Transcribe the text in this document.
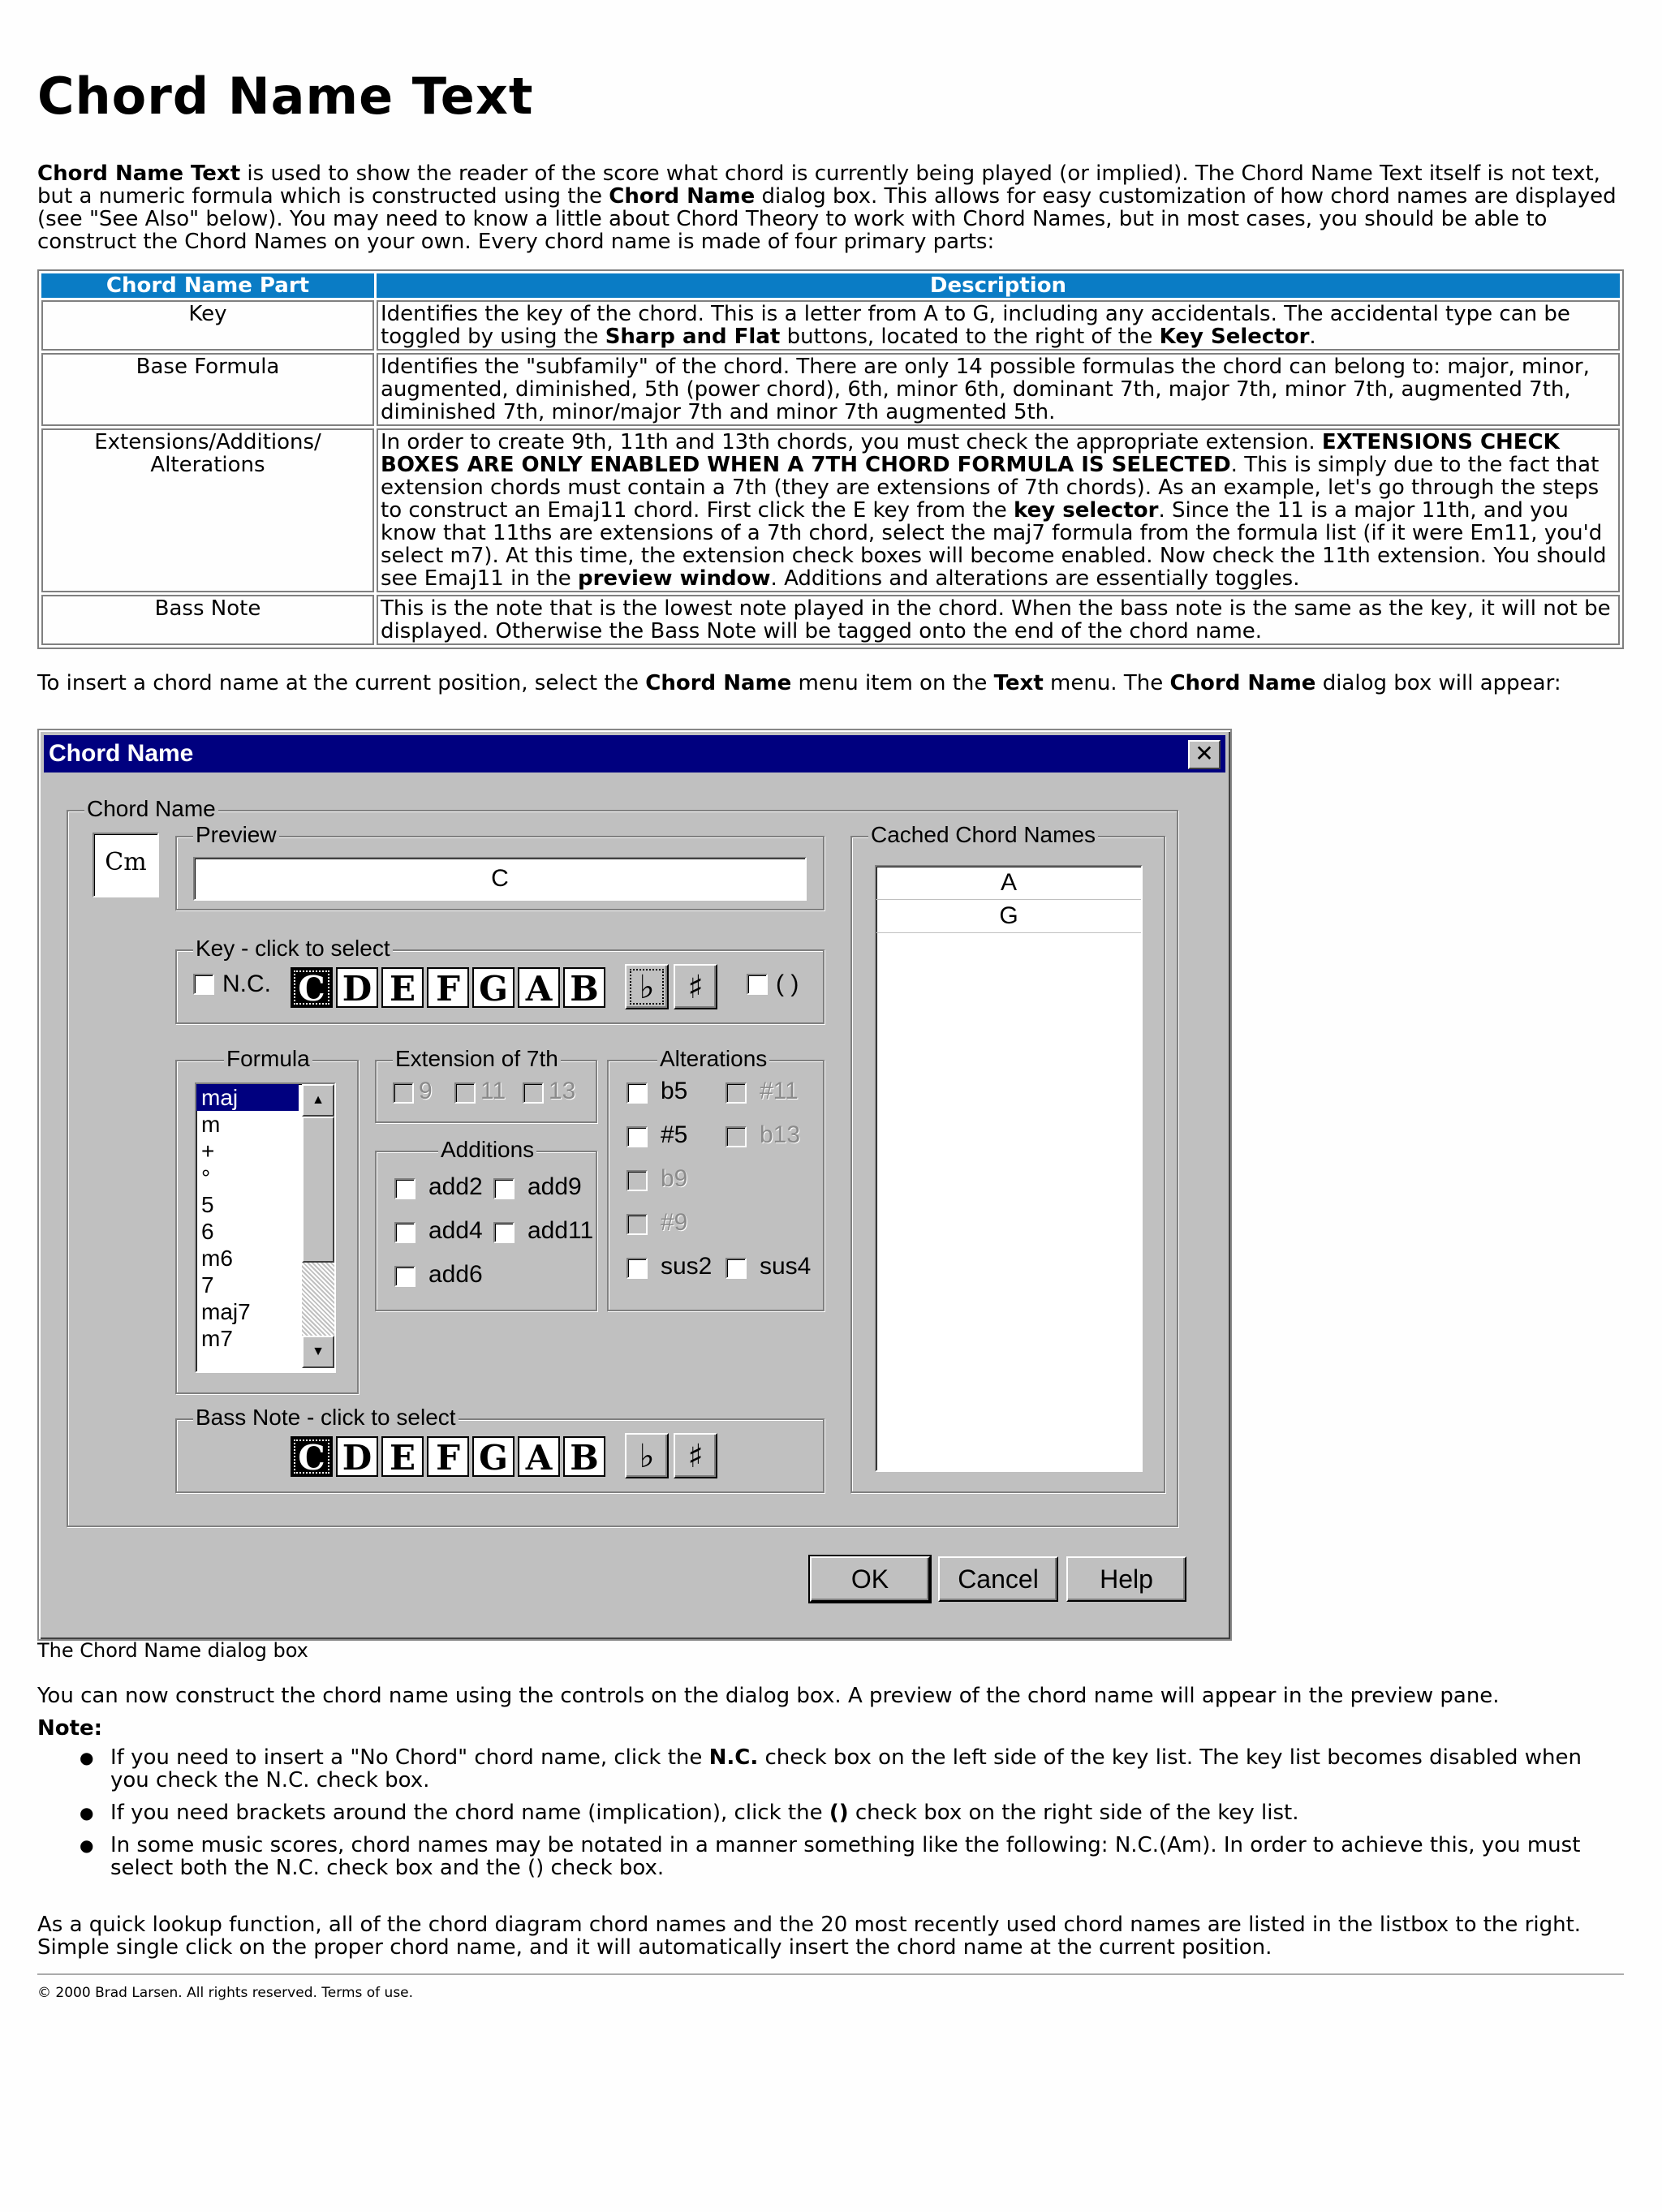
Chord Name Text
Chord Name Text is used to show the reader of the score what chord is currently being played (or implied). The Chord Name Text itself is not text, but a numeric formula which is constructed using the Chord Name dialog box. This allows for easy customization of how chord names are displayed (see "See Also" below). You may need to know a little about Chord Theory to work with Chord Names, but in most cases, you should be able to construct the Chord Names on your own. Every chord name is made of four primary parts:
Chord Name Part	Description
Key	Identifies the key of the chord. This is a letter from A to G, including any accidentals. The accidental type can be toggled by using the Sharp and Flat buttons, located to the right of the Key Selector.
Base Formula	Identifies the "subfamily" of the chord. There are only 14 possible formulas the chord can belong to: major, minor, augmented, diminished, 5th (power chord), 6th, minor 6th, dominant 7th, major 7th, minor 7th, augmented 7th, diminished 7th, minor/major 7th and minor 7th augmented 5th.
Extensions/Additions/ Alterations	In order to create 9th, 11th and 13th chords, you must check the appropriate extension. EXTENSIONS CHECK BOXES ARE ONLY ENABLED WHEN A 7TH CHORD FORMULA IS SELECTED. This is simply due to the fact that extension chords must contain a 7th (they are extensions of 7th chords). As an example, let's go through the steps to construct an Emaj11 chord. First click the E key from the key selector. Since the 11 is a major 11th, and you know that 11ths are extensions of a 7th chord, select the maj7 formula from the formula list (if it were Em11, you'd select m7). At this time, the extension check boxes will become enabled. Now check the 11th extension. You should see Emaj11 in the preview window. Additions and alterations are essentially toggles.
Bass Note	This is the note that is the lowest note played in the chord. When the bass note is the same as the key, it will not be displayed. Otherwise the Bass Note will be tagged onto the end of the chord name.
To insert a chord name at the current position, select the Chord Name menu item on the Text menu. The Chord Name dialog box will appear:
Chord Name	✕
Chord Name
Cm
Preview
C
Key - click to select
N.C. C D E F G A B	♭	♯	( )
Formula
maj
m
+
°
5
6
m6
7
maj7
m7
▲
▼
Extension of 7th
9 11 13
Additions
add2 add9
add4 add11
add6
Alterations
b5	#11
#5	b13
b9
#9
sus2 sus4
Bass Note - click to select
C D E F G A B	♭	♯
Cached Chord Names
A
G
OK	Cancel	Help
The Chord Name dialog box
You can now construct the chord name using the controls on the dialog box. A preview of the chord name will appear in the preview pane.
Note:
● If you need to insert a "No Chord" chord name, click the N.C. check box on the left side of the key list. The key list becomes disabled when you check the N.C. check box.
● If you need brackets around the chord name (implication), click the () check box on the right side of the key list.
● In some music scores, chord names may be notated in a manner something like the following: N.C.(Am). In order to achieve this, you must select both the N.C. check box and the () check box.
As a quick lookup function, all of the chord diagram chord names and the 20 most recently used chord names are listed in the listbox to the right. Simple single click on the proper chord name, and it will automatically insert the chord name at the current position.
© 2000 Brad Larsen. All rights reserved. Terms of use.
